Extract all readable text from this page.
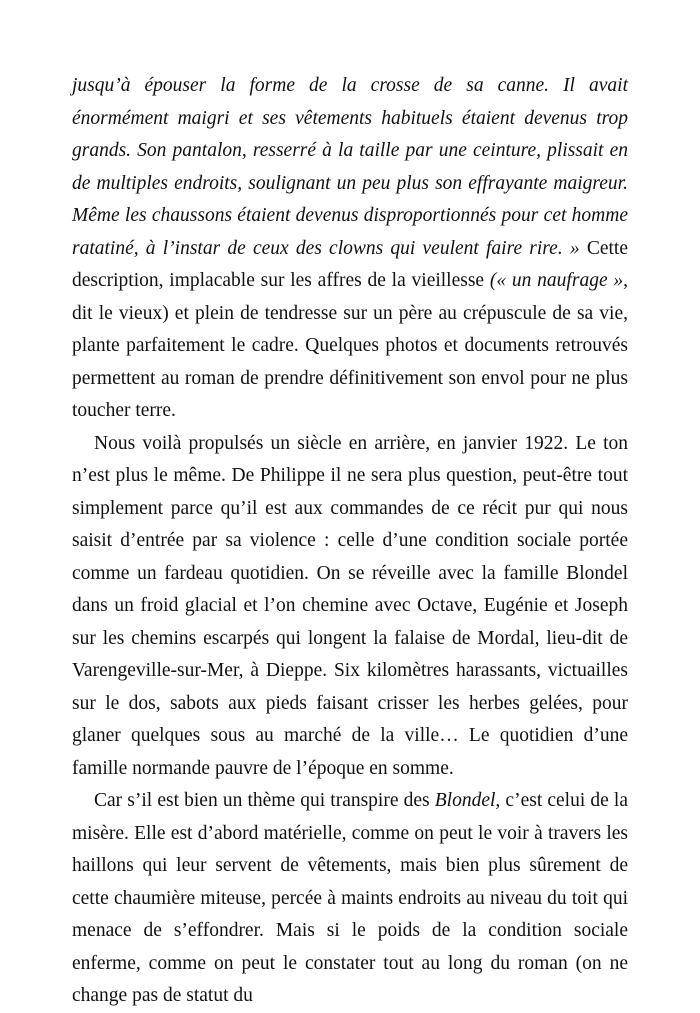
jusqu’à épouser la forme de la crosse de sa canne. Il avait énormément maigri et ses vêtements habituels étaient devenus trop grands. Son pantalon, resserré à la taille par une ceinture, plissait en de multiples endroits, soulignant un peu plus son effrayante maigreur. Même les chaussons étaient devenus disproportionnés pour cet homme ratatiné, à l’instar de ceux des clowns qui veulent faire rire. » Cette description, implacable sur les affres de la vieillesse (« un naufrage », dit le vieux) et plein de tendresse sur un père au crépuscule de sa vie, plante parfaitement le cadre. Quelques photos et documents retrouvés permettent au roman de prendre définitivement son envol pour ne plus toucher terre.

Nous voilà propulsés un siècle en arrière, en janvier 1922. Le ton n’est plus le même. De Philippe il ne sera plus question, peut-être tout simplement parce qu’il est aux commandes de ce récit pur qui nous saisit d’entrée par sa violence : celle d’une condition sociale portée comme un fardeau quotidien. On se réveille avec la famille Blondel dans un froid glacial et l’on chemine avec Octave, Eugénie et Joseph sur les chemins escarpés qui longent la falaise de Mordal, lieu-dit de Varengeville-sur-Mer, à Dieppe. Six kilomètres harassants, victuailles sur le dos, sabots aux pieds faisant crisser les herbes gelées, pour glaner quelques sous au marché de la ville… Le quotidien d’une famille normande pauvre de l’époque en somme.

Car s’il est bien un thème qui transpire des Blondel, c’est celui de la misère. Elle est d’abord matérielle, comme on peut le voir à travers les haillons qui leur servent de vêtements, mais bien plus sûrement de cette chaumière miteuse, percée à maints endroits au niveau du toit qui menace de s’effondrer. Mais si le poids de la condition sociale enferme, comme on peut le constater tout au long du roman (on ne change pas de statut du
